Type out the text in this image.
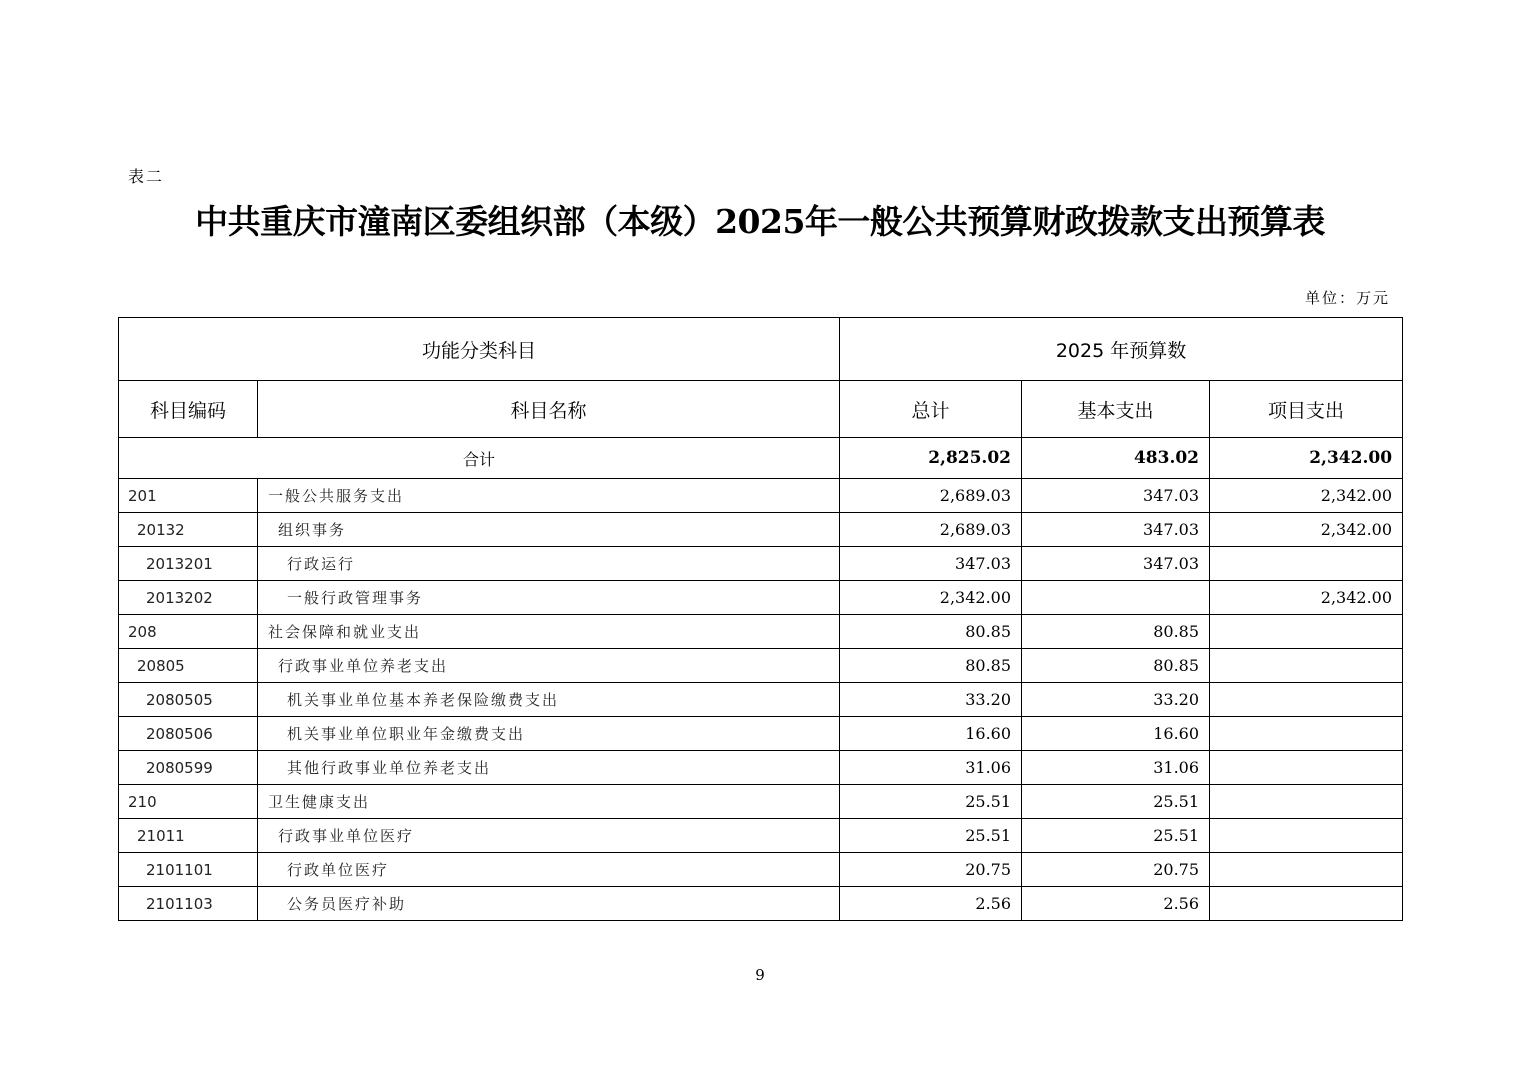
表二
中共重庆市潼南区委组织部（本级）2025年一般公共预算财政拨款支出预算表
单位：万元
功能分类科目		2025 年预算数		
科目编码	科目名称	总计	基本支出	项目支出
合计		2,825.02	483.02	2,342.00
201	一般公共服务支出	2,689.03	347.03	2,342.00
20132	组织事务	2,689.03	347.03	2,342.00
2013201	行政运行	347.03	347.03	
2013202	一般行政管理事务	2,342.00		2,342.00
208	社会保障和就业支出	80.85	80.85	
20805	行政事业单位养老支出	80.85	80.85	
2080505	机关事业单位基本养老保险缴费支出	33.20	33.20	
2080506	机关事业单位职业年金缴费支出	16.60	16.60	
2080599	其他行政事业单位养老支出	31.06	31.06	
210	卫生健康支出	25.51	25.51	
21011	行政事业单位医疗	25.51	25.51	
2101101	行政单位医疗	20.75	20.75	
2101103	公务员医疗补助	2.56	2.56	
9
